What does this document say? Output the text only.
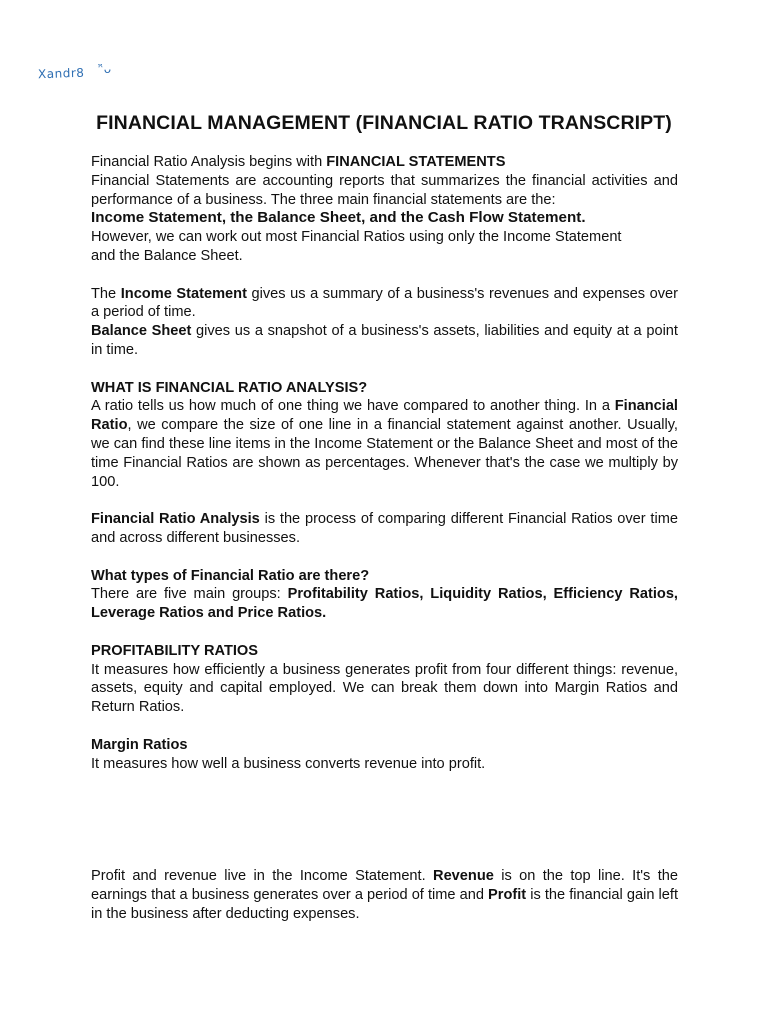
Xandr8 ᵔ̈ᴗ
FINANCIAL MANAGEMENT (FINANCIAL RATIO TRANSCRIPT)

Financial Ratio Analysis begins with FINANCIAL STATEMENTS

Financial Statements are accounting reports that summarizes the financial activities and performance of a business. The three main financial statements are the:

Income Statement, the Balance Sheet, and the Cash Flow Statement.

However, we can work out most Financial Ratios using only the Income Statement and the Balance Sheet.

The Income Statement gives us a summary of a business's revenues and expenses over a period of time.

Balance Sheet gives us a snapshot of a business's assets, liabilities and equity at a point in time.

WHAT IS FINANCIAL RATIO ANALYSIS?

A ratio tells us how much of one thing we have compared to another thing. In a Financial Ratio, we compare the size of one line in a financial statement against another. Usually, we can find these line items in the Income Statement or the Balance Sheet and most of the time Financial Ratios are shown as percentages. Whenever that's the case we multiply by 100.

Financial Ratio Analysis is the process of comparing different Financial Ratios over time and across different businesses.

What types of Financial Ratio are there?

There are five main groups: Profitability Ratios, Liquidity Ratios, Efficiency Ratios, Leverage Ratios and Price Ratios.

PROFITABILITY RATIOS

It measures how efficiently a business generates profit from four different things: revenue, assets, equity and capital employed. We can break them down into Margin Ratios and Return Ratios.

Margin Ratios

It measures how well a business converts revenue into profit.

Profit and revenue live in the Income Statement. Revenue is on the top line. It's the earnings that a business generates over a period of time and Profit is the financial gain left in the business after deducting expenses.
